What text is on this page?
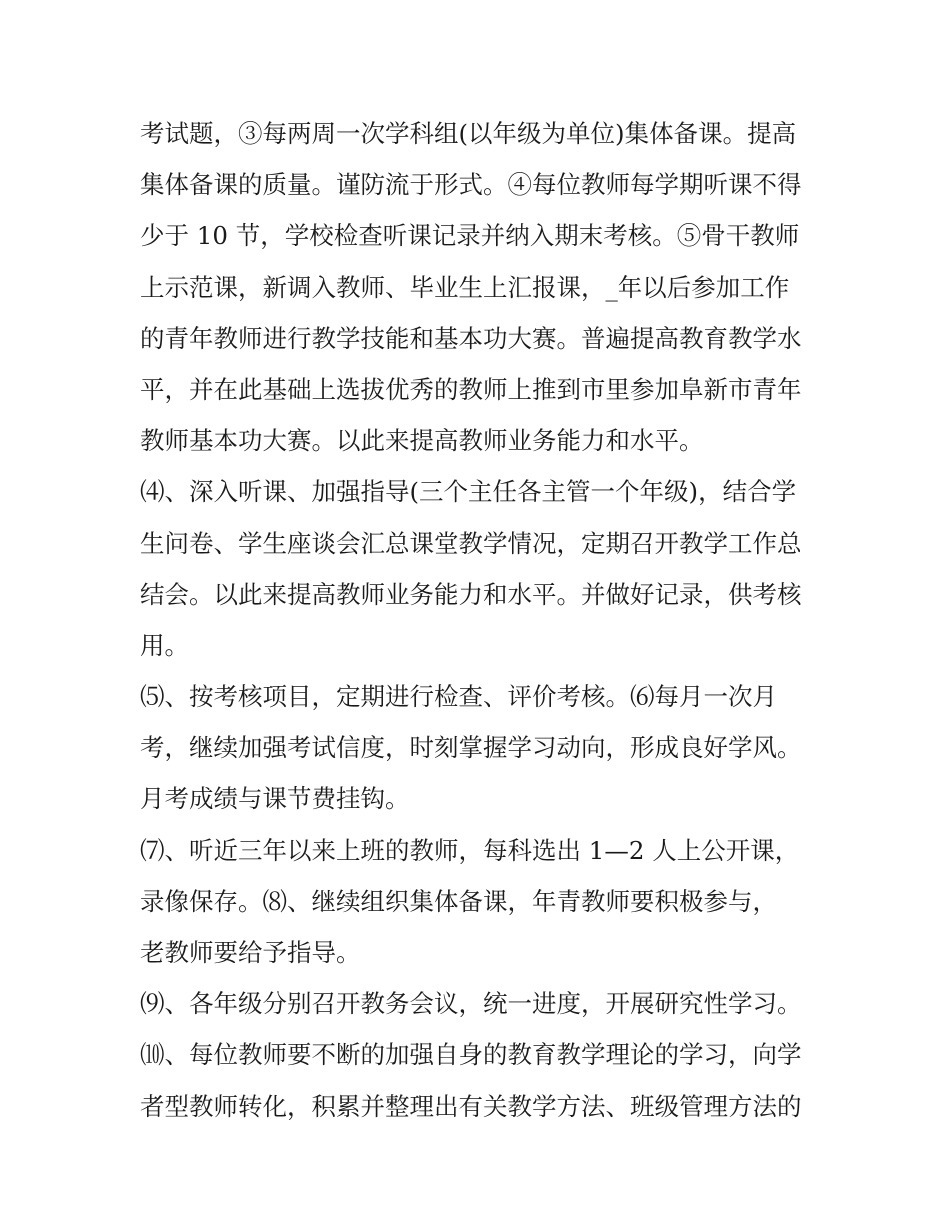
考试题，③每两周一次学科组(以年级为单位)集体备课。提高
集体备课的质量。谨防流于形式。④每位教师每学期听课不得
少于 10 节，学校检查听课记录并纳入期末考核。⑤骨干教师
上示范课，新调入教师、毕业生上汇报课，_年以后参加工作
的青年教师进行教学技能和基本功大赛。普遍提高教育教学水
平，并在此基础上选拔优秀的教师上推到市里参加阜新市青年
教师基本功大赛。以此来提高教师业务能力和水平。
⑷、深入听课、加强指导(三个主任各主管一个年级)，结合学
生问卷、学生座谈会汇总课堂教学情况，定期召开教学工作总
结会。以此来提高教师业务能力和水平。并做好记录，供考核
用。
⑸、按考核项目，定期进行检查、评价考核。⑹每月一次月
考，继续加强考试信度，时刻掌握学习动向，形成良好学风。
月考成绩与课节费挂钩。
⑺、听近三年以来上班的教师，每科选出 1—2 人上公开课，
录像保存。⑻、继续组织集体备课，年青教师要积极参与，
老教师要给予指导。
⑼、各年级分别召开教务会议，统一进度，开展研究性学习。
⑽、每位教师要不断的加强自身的教育教学理论的学习，向学
者型教师转化，积累并整理出有关教学方法、班级管理方法的
